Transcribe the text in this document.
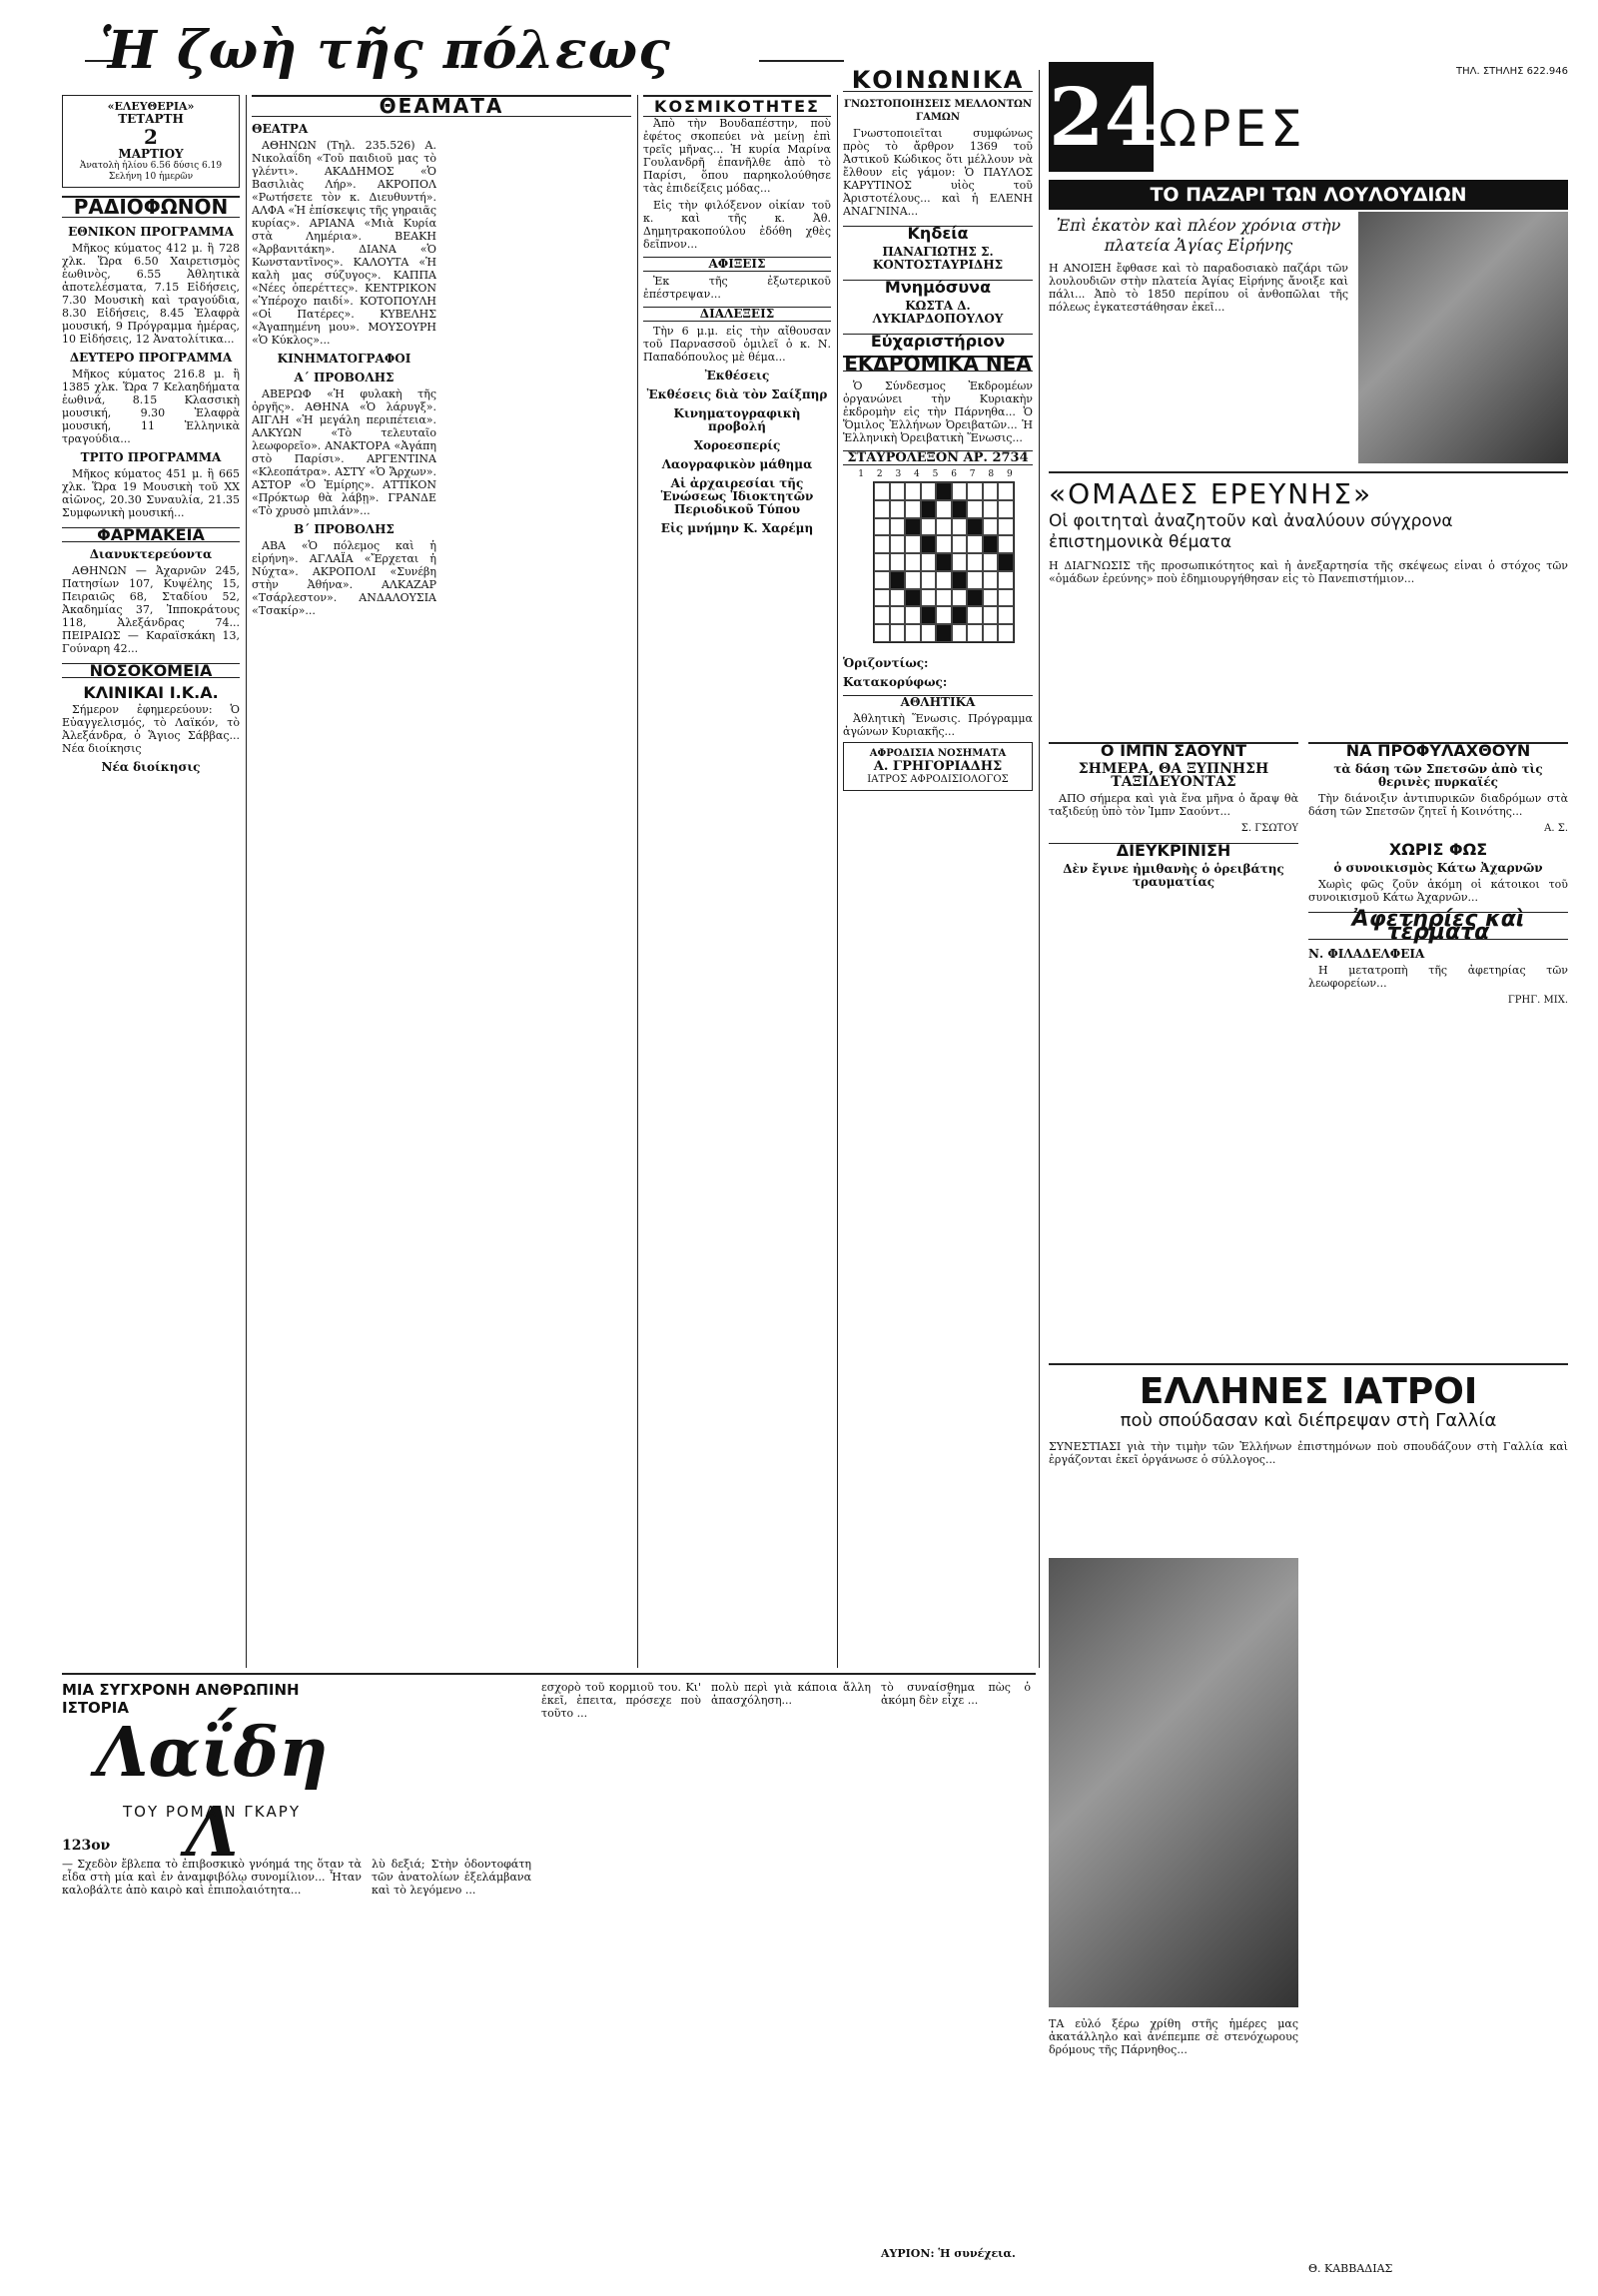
Ἡ ζωὴ τῆς πόλεως	ΤΗΛ. ΣΤΗΛΗΣ 622.946
«ΕΛΕΥΘΕΡΙΑ»
ΤΕΤΑΡΤΗ
2
ΜΑΡΤΙΟΥ
Ἀνατολὴ ἡλίου 6.56 δύσις 6.19 Σελήνη 10 ἡμερῶν
ΡΑΔΙΟΦΩΝΟΝ
ΕΘΝΙΚΟΝ ΠΡΟΓΡΑΜΜΑ

Μῆκος κύματος 412 μ. ἢ 728 χλκ. Ὥρα 6.50 Χαιρετισμὸς ἑωθινὸς, 6.55 Ἀθλητικὰ ἀποτελέσματα, 7.15 Εἰδήσεις, 7.30 Μουσικὴ καὶ τραγούδια, 8.30 Εἰδήσεις, 8.45 Ἐλαφρὰ μουσική, 9 Πρόγραμμα ἡμέρας, 10 Εἰδήσεις, 12 Ἀνατολίτικα...

ΔΕΥΤΕΡΟ ΠΡΟΓΡΑΜΜΑ

Μῆκος κύματος 216.8 μ. ἢ 1385 χλκ. Ὥρα 7 Κελαηδήματα ἑωθινά, 8.15 Κλασσικὴ μουσική, 9.30 Ἐλαφρὰ μουσική, 11 Ἐλληνικὰ τραγούδια...

ΤΡΙΤΟ ΠΡΟΓΡΑΜΜΑ

Μῆκος κύματος 451 μ. ἢ 665 χλκ. Ὥρα 19 Μουσικὴ τοῦ ΧΧ αἰῶνος, 20.30 Συναυλία, 21.35 Συμφωνικὴ μουσική...

ΦΑΡΜΑΚΕΙΑ
Διανυκτερεύοντα

ΑΘΗΝΩΝ — Ἀχαρνῶν 245, Πατησίων 107, Κυψέλης 15, Πειραιῶς 68, Σταδίου 52, Ἀκαδημίας 37, Ἰπποκράτους 118, Ἀλεξάνδρας 74... ΠΕΙΡΑΙΩΣ — Καραϊσκάκη 13, Γούναρη 42...

ΝΟΣΟΚΟΜΕΙΑ
ΚΛΙΝΙΚΑΙ Ι.Κ.Α.

Σήμερον ἐφημερεύουν: Ὁ Εὐαγγελισμός, τὸ Λαϊκόν, τὸ Ἀλεξάνδρα, ὁ Ἅγιος Σάββας... Νέα διοίκησις

Νέα διοίκησις
ΘΕΑΜΑΤΑ
ΘΕΑΤΡΑ

ΑΘΗΝΩΝ (Τηλ. 235.526) Α. Νικολαΐδη «Τοῦ παιδιοῦ μας τὸ γλέντι». ΑΚΑΔΗΜΟΣ «Ὁ Βασιλιὰς Λήρ». ΑΚΡΟΠΟΛ «Ρωτήσετε τὸν κ. Διευθυντή». ΑΛΦΑ «Ἡ ἑπίσκεψις τῆς γηραιᾶς κυρίας». ΑΡΙΑΝΑ «Μιὰ Κυρία στὰ Λημέρια». ΒΕΑΚΗ «Ἀρβανιτάκη». ΔΙΑΝΑ «Ὁ Κωνσταντῖνος». ΚΑΛΟΥΤΑ «Ἡ καλὴ μας σύζυγος». ΚΑΠΠΑ «Νέες ὀπερέττες». ΚΕΝΤΡΙΚΟΝ «Ὑπέροχο παιδί». ΚΟΤΟΠΟΥΛΗ «Οἱ Πατέρες». ΚΥΒΕΛΗΣ «Ἀγαπημένη μου». ΜΟΥΣΟΥΡΗ «Ὁ Κύκλος»...

ΚΙΝΗΜΑΤΟΓΡΑΦΟΙ
Α΄ ΠΡΟΒΟΛΗΣ

ΑΒΕΡΩΦ «Ἡ φυλακὴ τῆς ὀργῆς». ΑΘΗΝΑ «Ὁ λάρυγξ». ΑΙΓΛΗ «Ἡ μεγάλη περιπέτεια». ΑΛΚΥΩΝ «Τὸ τελευταῖο λεωφορεῖο». ΑΝΑΚΤΟΡΑ «Ἀγάπη στὸ Παρίσι». ΑΡΓΕΝΤΙΝΑ «Κλεοπάτρα». ΑΣΤΥ «Ὁ Ἄρχων». ΑΣΤΟΡ «Ὁ Ἐμίρης». ΑΤΤΙΚΟΝ «Πρόκτωρ θὰ λάβῃ». ΓΡΑΝΔΕ «Τὸ χρυσὸ μπιλάν»...

Β΄ ΠΡΟΒΟΛΗΣ

ΑΒΑ «Ὁ πόλεμος καὶ ἡ εἰρήνη». ΑΓΛΑΪΑ «Ἔρχεται ἡ Νύχτα». ΑΚΡΟΠΟΛΙ «Συνέβη στὴν Ἀθήνα». ΑΛΚΑΖΑΡ «Τσάρλεστον». ΑΝΔΑΛΟΥΣΙΑ «Τσακίρ»...

ΚΟΣΜΙΚΟΤΗΤΕΣ

Ἀπὸ τὴν Βουδαπέστην, ποὺ ἐφέτος σκοπεύει νὰ μείνῃ ἐπὶ τρεῖς μῆνας... Ἡ κυρία Μαρίνα Γουλανδρῆ ἐπανῆλθε ἀπὸ τὸ Παρίσι, ὅπου παρηκολούθησε τὰς ἐπιδείξεις μόδας...

Εἰς τὴν φιλόξενον οἰκίαν τοῦ κ. καὶ τῆς κ. Ἀθ. Δημητρακοπούλου ἐδόθη χθὲς δεῖπνον...

ΑΦΙΞΕΙΣ

Ἐκ τῆς ἐξωτερικοῦ ἐπέστρεψαν...

ΔΙΑΛΕΞΕΙΣ

Τὴν 6 μ.μ. εἰς τὴν αἴθουσαν τοῦ Παρνασσοῦ ὁμιλεῖ ὁ κ. Ν. Παπαδόπουλος μὲ θέμα...

Ἐκθέσεις
Ἐκθέσεις διὰ τὸν Σαίξπηρ
Κινηματογραφικὴ προβολή
Χοροεσπερίς
Λαογραφικὸν μάθημα
Αἱ ἀρχαιρεσίαι τῆς Ἑνώσεως Ἰδιοκτητῶν Περιοδικοῦ Τύπου
Εἰς μνήμην Κ. Χαρέμη
ΚΟΙΝΩΝΙΚΑ
ΓΝΩΣΤΟΠΟΙΗΣΕΙΣ ΜΕΛΛΟΝΤΩΝ ΓΑΜΩΝ

Γνωστοποιεῖται συμφώνως πρὸς τὸ ἄρθρον 1369 τοῦ Ἀστικοῦ Κώδικος ὅτι μέλλουν νὰ ἔλθουν εἰς γάμον: Ὁ ΠΑΥΛΟΣ ΚΑΡΥΤΙΝΟΣ υἱὸς τοῦ Ἀριστοτέλους... καὶ ἡ ΕΛΕΝΗ ΑΝΑΓΝΙΝΑ...

Κηδεία
ΠΑΝΑΓΙΩΤΗΣ Σ. ΚΟΝΤΟΣΤΑΥΡΙΔΗΣ
Μνημόσυνα
ΚΩΣΤΑ Δ. ΛΥΚΙΑΡΔΟΠΟΥΛΟΥ
Εὐχαριστήριον
ΕΚΔΡΟΜΙΚΑ ΝΕΑ

Ὁ Σύνδεσμος Ἐκδρομέων ὀργανώνει τὴν Κυριακὴν ἐκδρομὴν εἰς τὴν Πάρνηθα... Ὁ Ὅμιλος Ἐλλήνων Ὀρειβατῶν... Ἡ Ἑλληνικὴ Ὀρειβατικὴ Ἕνωσις...

ΣΤΑΥΡΟΛΕΞΟΝ ΑΡ. 2734
1 2 3 4 5 6 7 8 9
Ὁριζοντίως:
Κατακορύφως:
ΑΘΛΗΤΙΚΑ

Ἀθλητικὴ Ἕνωσις. Πρόγραμμα ἀγώνων Κυριακῆς...

ΑΦΡΟΔΙΣΙΑ ΝΟΣΗΜΑΤΑ
Α. ΓΡΗΓΟΡΙΑΔΗΣ
ΙΑΤΡΟΣ ΑΦΡΟΔΙΣΙΟΛΟΓΟΣ
24
ΩΡΕΣ
ΤΟ ΠΑΖΑΡΙ ΤΩΝ ΛΟΥΛΟΥΔΙΩΝ
Ἐπὶ ἑκατὸν καὶ πλέον χρόνια στὴν πλατεία Ἁγίας Εἰρήνης
Η ΑΝΟΙΞΗ ἔφθασε καὶ τὸ παραδοσιακὸ παζάρι τῶν λουλουδιῶν στὴν πλατεία Ἁγίας Εἰρήνης ἄνοιξε καὶ πάλι... Ἀπὸ τὸ 1850 περίπου οἱ ἀνθοπῶλαι τῆς πόλεως ἐγκατεστάθησαν ἐκεῖ...
«ΟΜΑΔΕΣ ΕΡΕΥΝΗΣ»
Οἱ φοιτηταὶ ἀναζητοῦν καὶ ἀναλύουν σύγχρονα ἐπιστημονικὰ θέματα
Η ΔΙΑΓΝΩΣΙΣ τῆς προσωπικότητος καὶ ἡ ἀνεξαρτησία τῆς σκέψεως εἶναι ὁ στόχος τῶν «ὁμάδων ἐρεύνης» ποὺ ἐδημιουργήθησαν εἰς τὸ Πανεπιστήμιον...
Ο ΙΜΠΝ ΣΑΟΥΝΤ
ΣΗΜΕΡΑ, ΘΑ ΞΥΠΝΗΣΗ ΤΑΞΙΔΕΥΟΝΤΑΣ

ΑΠΟ σήμερα καὶ γιὰ ἕνα μῆνα ὁ ἄραψ θὰ ταξιδεύῃ ὑπὸ τὸν Ἰμπν Σαούντ...

Σ. ΓΣΩΤΟΥ
ΔΙΕΥΚΡΙΝΙΣΗ
Δὲν ἔγινε ἠμιθανὴς ὁ ὁρειβάτης τραυματίας
ΝΑ ΠΡΟΦΥΛΑΧΘΟΥΝ
τὰ δάση τῶν Σπετσῶν ἀπὸ τὶς θερινὲς πυρκαϊές

Τὴν διάνοιξιν ἀντιπυρικῶν διαδρόμων στὰ δάση τῶν Σπετσῶν ζητεῖ ἡ Κοινότης...

Α. Σ.
ΧΩΡΙΣ ΦΩΣ
ὁ συνοικισμὸς Κάτω Ἀχαρνῶν

Χωρὶς φῶς ζοῦν ἀκόμη οἱ κάτοικοι τοῦ συνοικισμοῦ Κάτω Ἀχαρνῶν...

Ἀφετηρίες καὶ τέρματα
Ν. ΦΙΛΑΔΕΛΦΕΙΑ

Η μετατροπὴ τῆς ἀφετηρίας τῶν λεωφορείων...

ΓΡΗΓ. ΜΙΧ.
ΕΛΛΗΝΕΣ ΙΑΤΡΟΙ
ποὺ σπούδασαν καὶ διέπρεψαν στὴ Γαλλία
ΣΥΝΕΣΤΙΑΣΙ γιὰ τὴν τιμὴν τῶν Ἑλλήνων ἐπιστημόνων ποὺ σπουδάζουν στὴ Γαλλία καὶ ἐργάζονται ἐκεῖ ὀργάνωσε ὁ σύλλογος...
ΤΑ εὐλό ξέρω χρίθη στῆς ἡμέρες μας ἀκατάλληλο καὶ ἀνέπεμπε σὲ στενόχωρους δρόμους τῆς Πάρνηθος...
Θ. ΚΑΒΒΑΔΙΑΣ
ΜΙΑ ΣΥΓΧΡΟΝΗ ΑΝΘΡΩΠΙΝΗ ΙΣΤΟΡΙΑ
Λαΐδη Λ
ΤΟΥ ΡΟΜΑΙΝ ΓΚΑΡΥ
123ον
— Σχεδὸν ἔβλεπα τὸ ἐπιβοσκικὸ γνόημά της ὅταν τὰ εἶδα στὴ μία καὶ ἐν ἀναμφιβόλῳ συνομίλιον... Ἦταν καλοβάλτε ἀπὸ καιρὸ καὶ ἐπιπολαιότητα...
λὺ δεξιά; Στὴν ὁδοντοφάτη τῶν ἀνατολίων ἐξελάμβανα καὶ τὸ λεγόμενο ...
εσχορὸ τοῦ κορμιοῦ του. Κι' ἐκεῖ, ἐπειτα, πρόσεχε ποὺ τοῦτο ...
πολὺ περὶ γιὰ κάποια ἄλλη ἀπασχόληση...
τὸ συναίσθημα πὼς ὁ ἀκόμη δὲν εἶχε ...
ΑΥΡΙΟΝ: Ἡ συνέχεια.
